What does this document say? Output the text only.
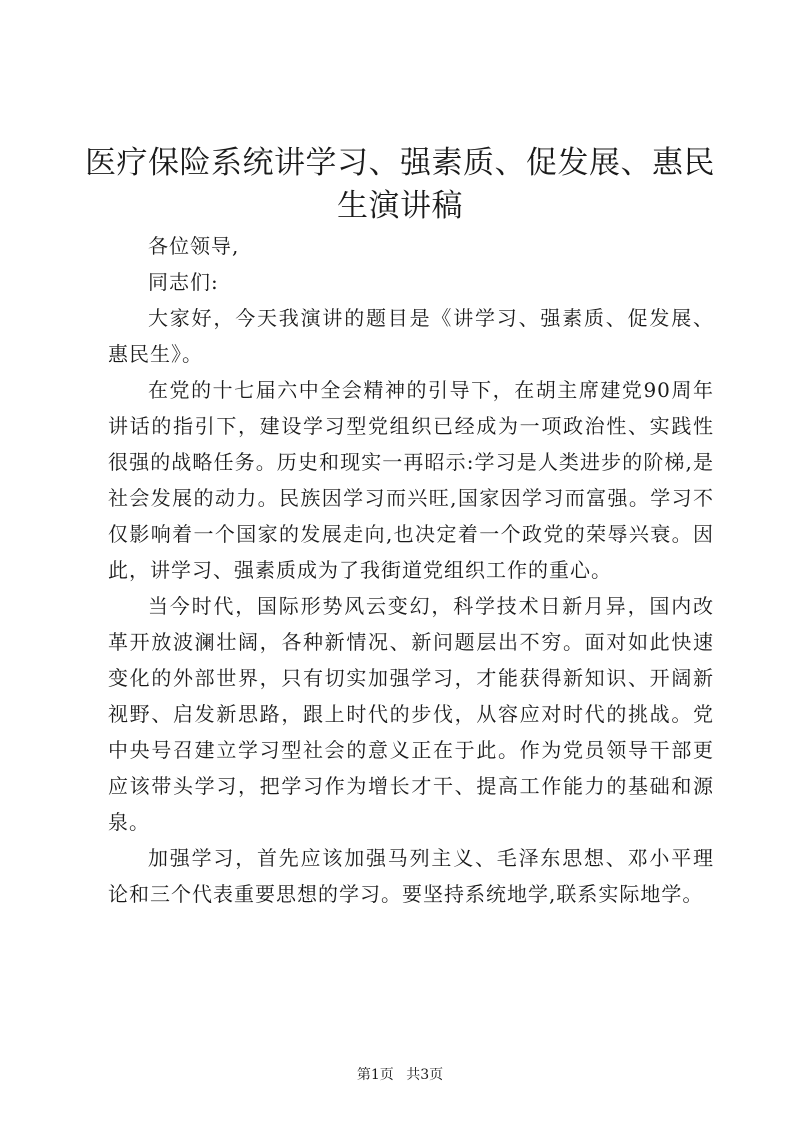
医疗保险系统讲学习、强素质、促发展、惠民生演讲稿

各位领导,

同志们:

大家好，今天我演讲的题目是《讲学习、强素质、促发展、惠民生》。

在党的十七届六中全会精神的引导下，在胡主席建党90周年讲话的指引下，建设学习型党组织已经成为一项政治性、实践性很强的战略任务。历史和现实一再昭示:学习是人类进步的阶梯,是社会发展的动力。民族因学习而兴旺,国家因学习而富强。学习不仅影响着一个国家的发展走向,也决定着一个政党的荣辱兴衰。因此，讲学习、强素质成为了我街道党组织工作的重心。

当今时代，国际形势风云变幻，科学技术日新月异，国内改革开放波澜壮阔，各种新情况、新问题层出不穷。面对如此快速变化的外部世界，只有切实加强学习，才能获得新知识、开阔新视野、启发新思路，跟上时代的步伐，从容应对时代的挑战。党中央号召建立学习型社会的意义正在于此。作为党员领导干部更应该带头学习，把学习作为增长才干、提高工作能力的基础和源泉。

加强学习，首先应该加强马列主义、毛泽东思想、邓小平理论和三个代表重要思想的学习。要坚持系统地学,联系实际地学。

第1页 共3页
